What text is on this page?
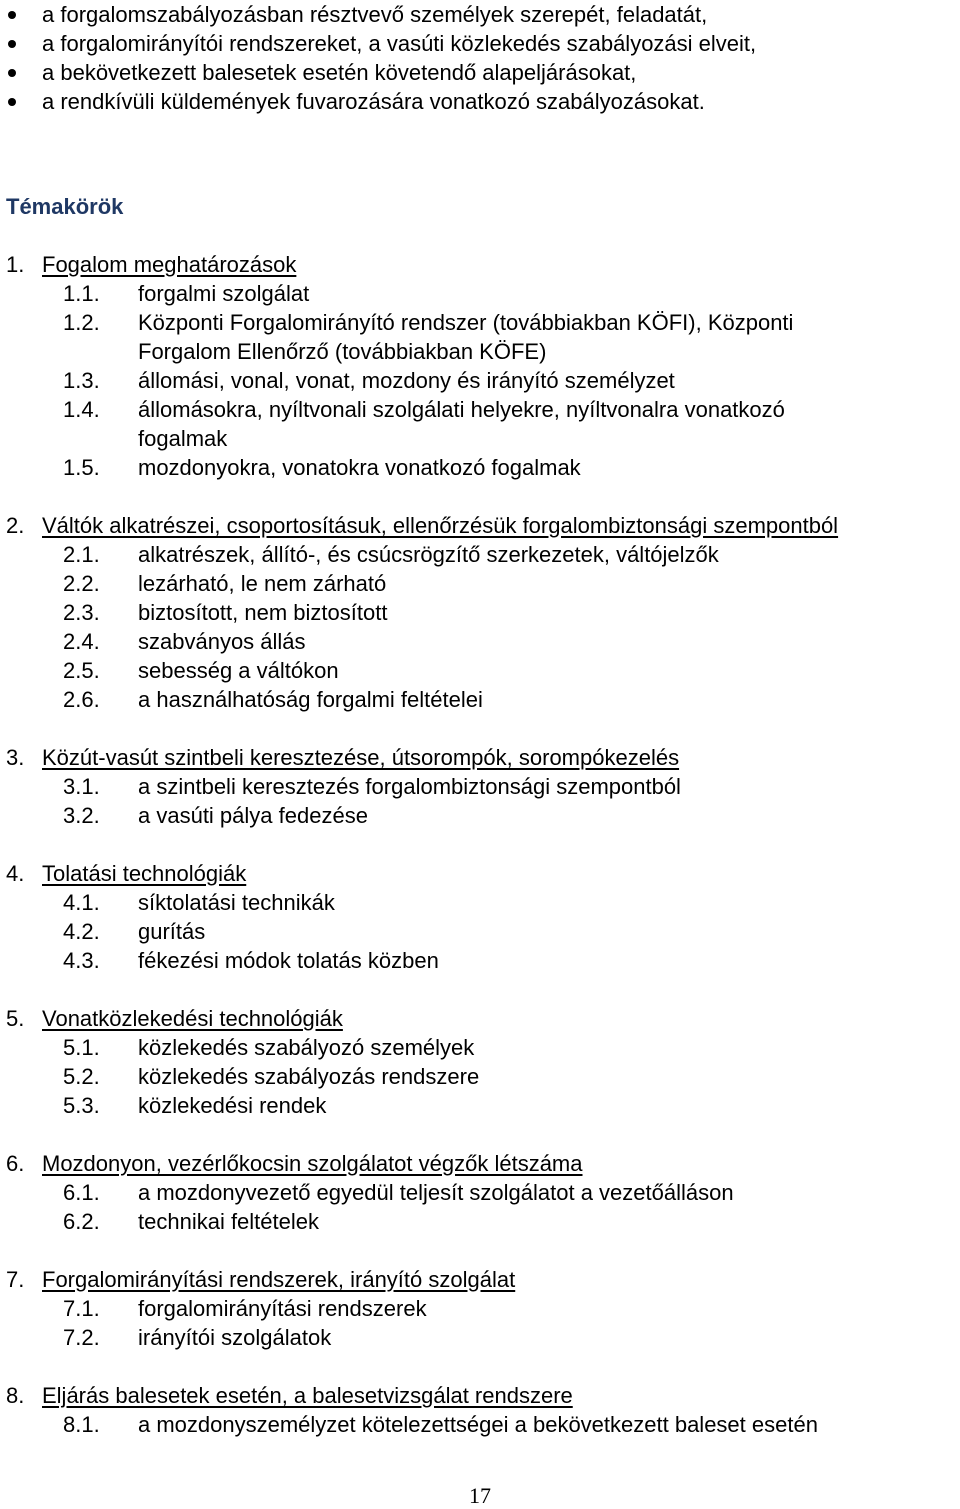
a forgalomszabályozásban résztvevő személyek szerepét, feladatát,
a forgalomirányítói rendszereket, a vasúti közlekedés szabályozási elveit,
a bekövetkezett balesetek esetén követendő alapeljárásokat,
a rendkívüli küldemények fuvarozására vonatkozó szabályozásokat.
Témakörök
1. Fogalom meghatározások
1.1. forgalmi szolgálat
1.2. Központi Forgalomirányító rendszer (továbbiakban KÖFI), Központi
Forgalom Ellenőrző (továbbiakban KÖFE)
1.3. állomási, vonal, vonat, mozdony és irányító személyzet
1.4. állomásokra, nyíltvonali szolgálati helyekre, nyíltvonalra vonatkozó
fogalmak
1.5. mozdonyokra, vonatokra vonatkozó fogalmak
2. Váltók alkatrészei, csoportosításuk, ellenőrzésük forgalombiztonsági szempontból
2.1. alkatrészek, állító-, és csúcsrögzítő szerkezetek, váltójelzők
2.2. lezárható, le nem zárható
2.3. biztosított, nem biztosított
2.4. szabványos állás
2.5. sebesség a váltókon
2.6. a használhatóság forgalmi feltételei
3. Közút-vasút szintbeli keresztezése, útsorompók, sorompókezelés
3.1. a szintbeli keresztezés forgalombiztonsági szempontból
3.2. a vasúti pálya fedezése
4. Tolatási technológiák
4.1. síktolatási technikák
4.2. gurítás
4.3. fékezési módok tolatás közben
5. Vonatközlekedési technológiák
5.1. közlekedés szabályozó személyek
5.2. közlekedés szabályozás rendszere
5.3. közlekedési rendek
6. Mozdonyon, vezérlőkocsin szolgálatot végzők létszáma
6.1. a mozdonyvezető egyedül teljesít szolgálatot a vezetőálláson
6.2. technikai feltételek
7. Forgalomirányítási rendszerek, irányító szolgálat
7.1. forgalomirányítási rendszerek
7.2. irányítói szolgálatok
8. Eljárás balesetek esetén, a balesetvizsgálat rendszere
8.1. a mozdonyszemélyzet kötelezettségei a bekövetkezett baleset esetén
17
